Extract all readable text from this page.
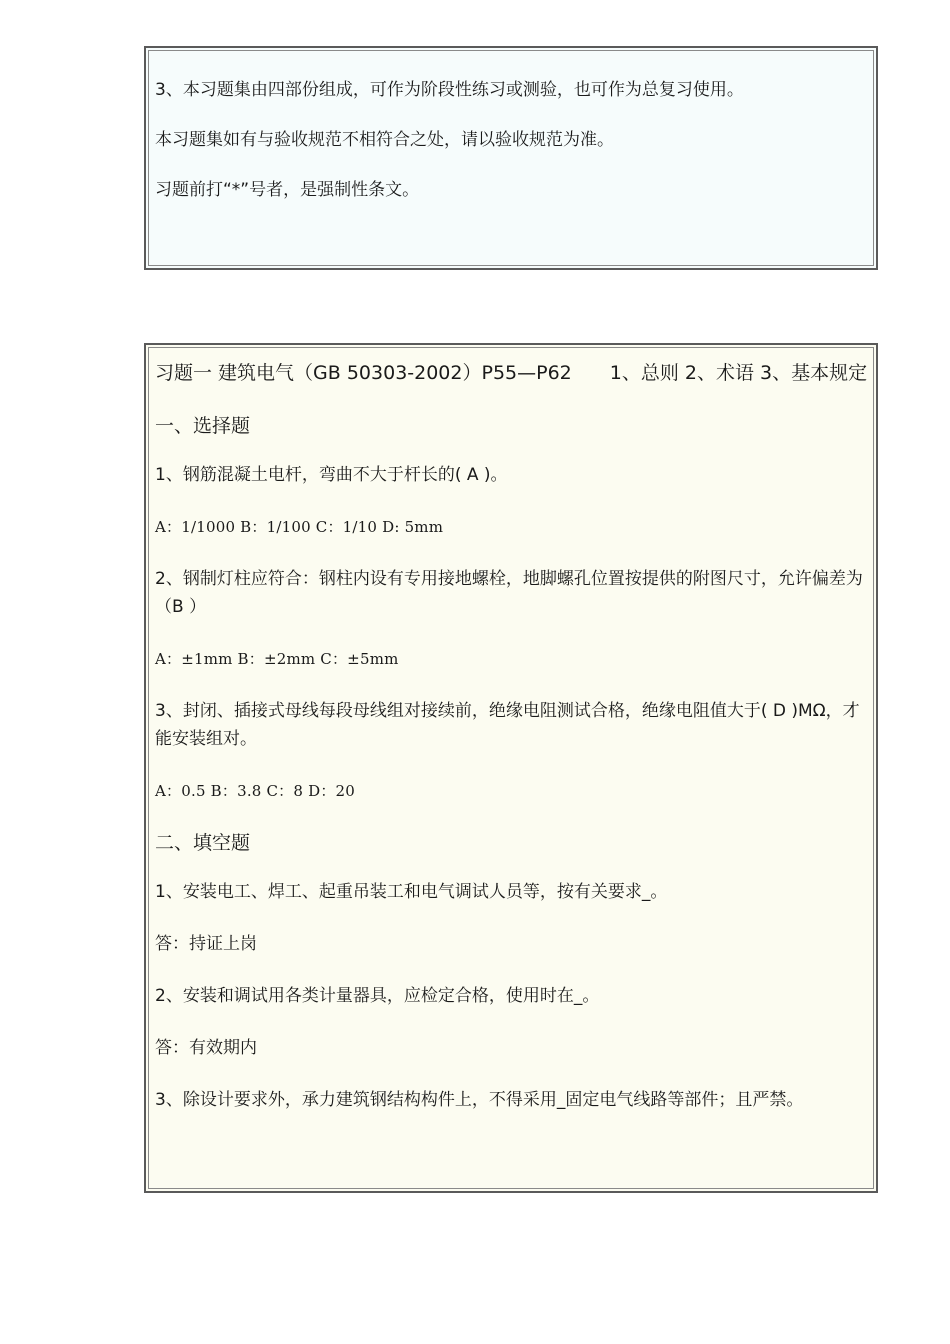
3、本习题集由四部份组成，可作为阶段性练习或测验，也可作为总复习使用。

本习题集如有与验收规范不相符合之处，请以验收规范为准。

习题前打“*”号者，是强制性条文。

习题一 建筑电气（GB 50303-2002）P55—P62　　1、总则 2、术语 3、基本规定

一、选择题

1、钢筋混凝土电杆，弯曲不大于杆长的( A )。

A：1/1000 B：1/100 C：1/10 D: 5mm

2、钢制灯柱应符合：钢柱内设有专用接地螺栓，地脚螺孔位置按提供的附图尺寸，允许偏差为（B ）

A：±1mm B：±2mm C：±5mm

3、封闭、插接式母线每段母线组对接续前，绝缘电阻测试合格，绝缘电阻值大于( D )MΩ，才能安装组对。

A：0.5 B：3.8 C：8 D：20

二、填空题

1、安装电工、焊工、起重吊装工和电气调试人员等，按有关要求_。

答：持证上岗

2、安装和调试用各类计量器具，应检定合格，使用时在_。

答：有效期内

3、除设计要求外，承力建筑钢结构构件上，不得采用_固定电气线路等部件；且严禁。
